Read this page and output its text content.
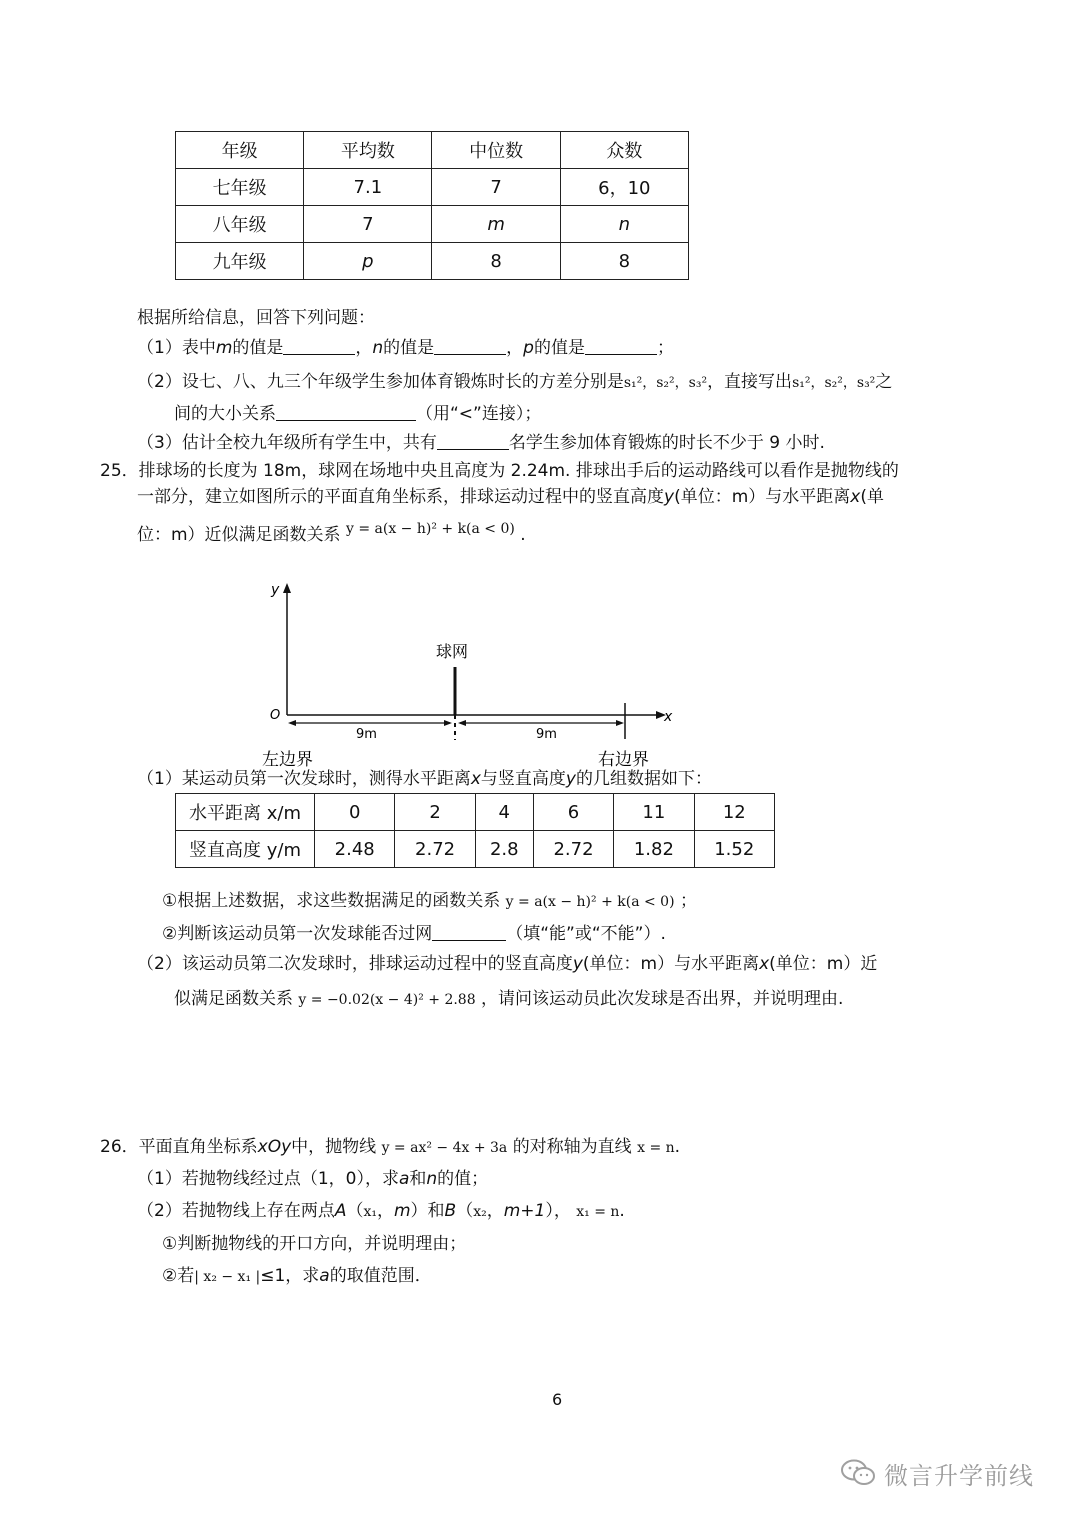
年级	平均数	中位数	众数
七年级	7.1	7	6，10
八年级	7	m	n
九年级	p	8	8
根据所给信息，回答下列问题：
（1）表中m的值是	，n的值是	，p的值是	；
（2）设七、八、九三个年级学生参加体育锻炼时长的方差分别是s₁²，s₂²，s₃²，直接写出s₁²，s₂²，s₃²之
间的大小关系	（用“<”连接）；
（3）估计全校九年级所有学生中，共有	名学生参加体育锻炼的时长不少于 9 小时.
25．排球场的长度为 18m，球网在场地中央且高度为 2.24m. 排球出手后的运动路线可以看作是抛物线的
一部分，建立如图所示的平面直角坐标系，排球运动过程中的竖直高度y(单位：m）与水平距离x(单
位：m）近似满足函数关系 $^{y = a(x - h)^2 + k(a < 0)}$ .
y
x
O
球网
9m	9m
左边界	右边界
（1）某运动员第一次发球时，测得水平距离x与竖直高度y的几组数据如下：
水平距离 x/m	0	2	4	6	11	12
竖直高度 y/m	2.48	2.72	2.8	2.72	1.82	1.52
①根据上述数据，求这些数据满足的函数关系 y = a(x − h)² + k(a < 0) ；
②判断该运动员第一次发球能否过网	（填“能”或“不能”）.
（2）该运动员第二次发球时，排球运动过程中的竖直高度y(单位：m）与水平距离x(单位：m）近
似满足函数关系 y = −0.02(x − 4)² + 2.88 ，请问该运动员此次发球是否出界，并说明理由.
26．平面直角坐标系xOy中，抛物线 y = ax² − 4x + 3a 的对称轴为直线 x = n.
（1）若抛物线经过点（1，0），求a和n的值；
（2）若抛物线上存在两点A（x₁，m）和B（x₂，m+1）， x₁ = n.
①判断抛物线的开口方向，并说明理由；
②若| x₂ − x₁ |≤1，求a的取值范围．
6
微言升学前线
